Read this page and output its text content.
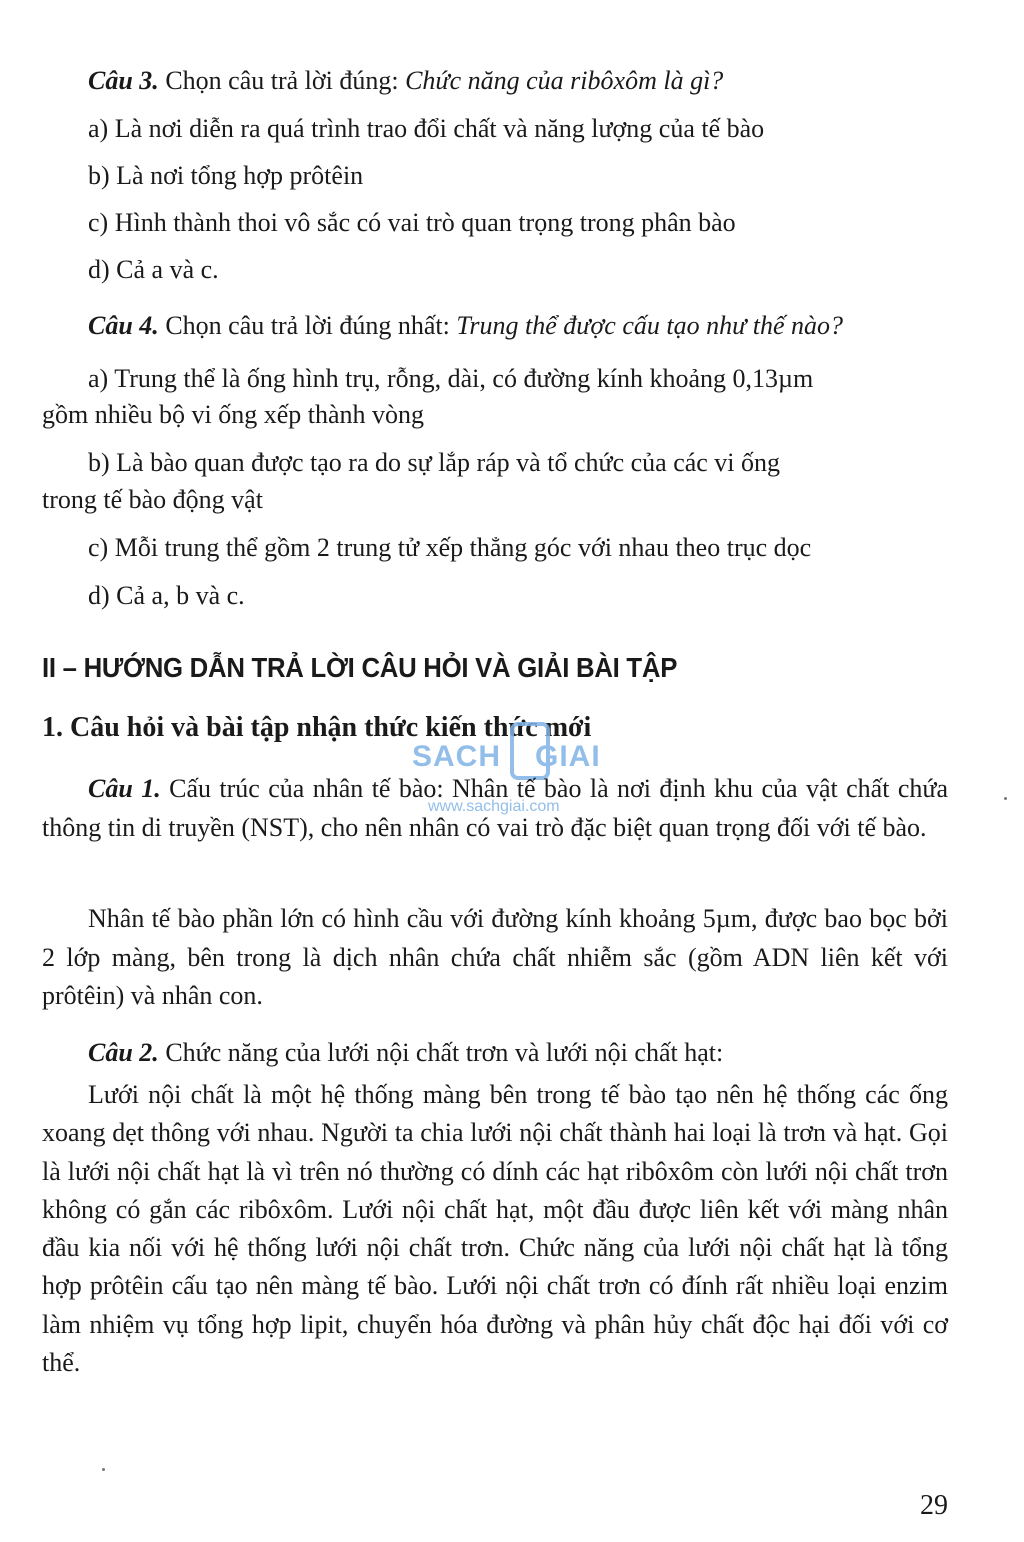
Câu 3. Chọn câu trả lời đúng: Chức năng của ribôxôm là gì?
a) Là nơi diễn ra quá trình trao đổi chất và năng lượng của tế bào
b) Là nơi tổng hợp prôtêin
c) Hình thành thoi vô sắc có vai trò quan trọng trong phân bào
d) Cả a và c.
Câu 4. Chọn câu trả lời đúng nhất: Trung thể được cấu tạo như thế nào?
a) Trung thể là ống hình trụ, rỗng, dài, có đường kính khoảng 0,13µm
gồm nhiều bộ vi ống xếp thành vòng
b) Là bào quan được tạo ra do sự lắp ráp và tổ chức của các vi ống
trong tế bào động vật
c) Mỗi trung thể gồm 2 trung tử xếp thẳng góc với nhau theo trục dọc
d) Cả a, b và c.
II – HƯỚNG DẪN TRẢ LỜI CÂU HỎI VÀ GIẢI BÀI TẬP
1. Câu hỏi và bài tập nhận thức kiến thức mới
SACH GIAI
www.sachgiai.com
Câu 1. Cấu trúc của nhân tế bào: Nhân tế bào là nơi định khu của vật chất chứa thông tin di truyền (NST), cho nên nhân có vai trò đặc biệt quan trọng đối với tế bào.
Nhân tế bào phần lớn có hình cầu với đường kính khoảng 5µm, được bao bọc bởi 2 lớp màng, bên trong là dịch nhân chứa chất nhiễm sắc (gồm ADN liên kết với prôtêin) và nhân con.
Câu 2. Chức năng của lưới nội chất trơn và lưới nội chất hạt:
Lưới nội chất là một hệ thống màng bên trong tế bào tạo nên hệ thống các ống xoang dẹt thông với nhau. Người ta chia lưới nội chất thành hai loại là trơn và hạt. Gọi là lưới nội chất hạt là vì trên nó thường có dính các hạt ribôxôm còn lưới nội chất trơn không có gắn các ribôxôm. Lưới nội chất hạt, một đầu được liên kết với màng nhân đầu kia nối với hệ thống lưới nội chất trơn. Chức năng của lưới nội chất hạt là tổng hợp prôtêin cấu tạo nên màng tế bào. Lưới nội chất trơn có đính rất nhiều loại enzim làm nhiệm vụ tổng hợp lipit, chuyển hóa đường và phân hủy chất độc hại đối với cơ thể.
29
